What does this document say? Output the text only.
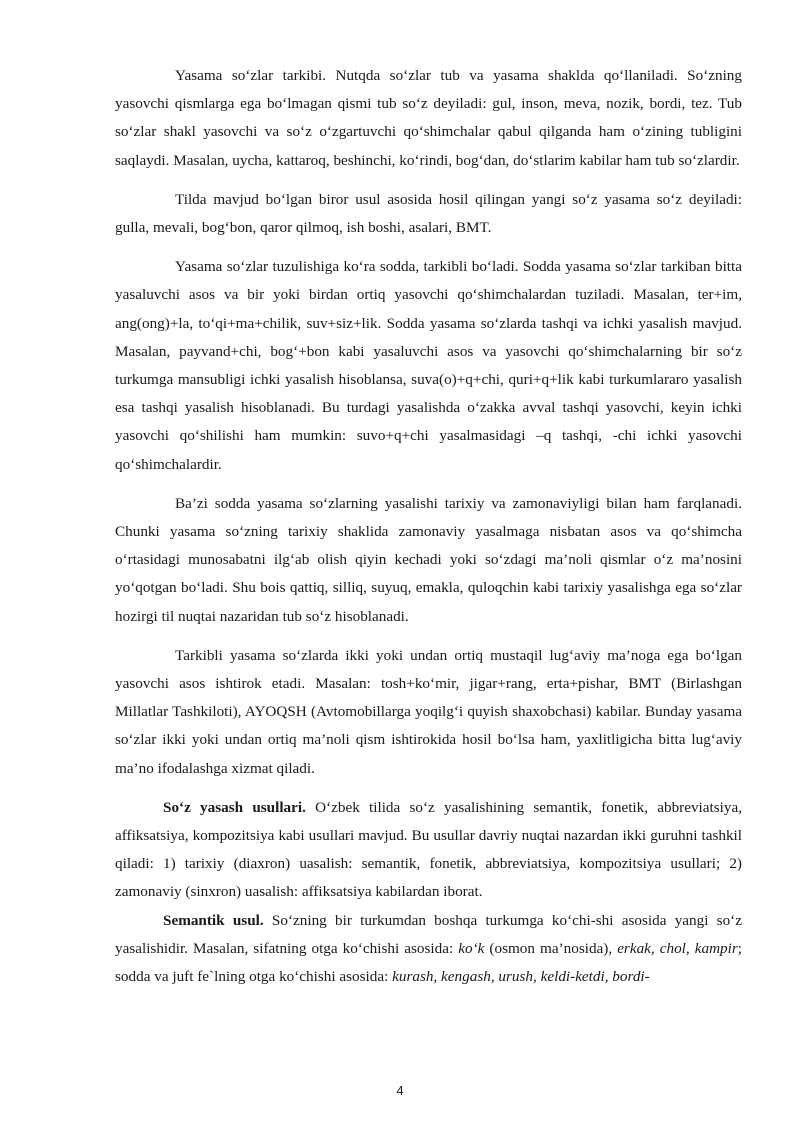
Yasama so‘zlar tarkibi. Nutqda so‘zlar tub va yasama shaklda qo‘llaniladi. So‘zning yasovchi qismlarga ega bo‘lmagan qismi tub so‘z deyiladi: gul, inson, meva, nozik, bordi, tez. Tub so‘zlar shakl yasovchi va so‘z o‘zgartuvchi qo‘shimchalar qabul qilganda ham o‘zining tubligini saqlaydi. Masalan, uycha, kattaroq, beshinchi, ko‘rindi, bog‘dan, do‘stlarim kabilar ham tub so‘zlardir.

Tilda mavjud bo‘lgan biror usul asosida hosil qilingan yangi so‘z yasama so‘z deyiladi: gulla, mevali, bog‘bon, qaror qilmoq, ish boshi, asalari, BMT.

Yasama so‘zlar tuzulishiga ko‘ra sodda, tarkibli bo‘ladi. Sodda yasama so‘zlar tarkiban bitta yasaluvchi asos va bir yoki birdan ortiq yasovchi qo‘shimchalardan tuziladi. Masalan, ter+im, ang(ong)+la, to‘qi+ma+chilik, suv+siz+lik. Sodda yasama so‘zlarda tashqi va ichki yasalish mavjud. Masalan, payvand+chi, bog‘+bon kabi yasaluvchi asos va yasovchi qo‘shimchalarning bir so‘z turkumga mansubligi ichki yasalish hisoblansa, suva(o)+q+chi, quri+q+lik kabi turkumlararo yasalish esa tashqi yasalish hisoblanadi. Bu turdagi yasalishda o‘zakka avval tashqi yasovchi, keyin ichki yasovchi qo‘shilishi ham mumkin: suvo+q+chi yasalmasidagi –q tashqi, -chi ichki yasovchi qo‘shimchalardir.

Ba’zi sodda yasama so‘zlarning yasalishi tarixiy va zamonaviyligi bilan ham farqlanadi. Chunki yasama so‘zning tarixiy shaklida zamonaviy yasalmaga nisbatan asos va qo‘shimcha o‘rtasidagi munosabatni ilg‘ab olish qiyin kechadi yoki so‘zdagi ma’noli qismlar o‘z ma’nosini yo‘qotgan bo‘ladi. Shu bois qattiq, silliq, suyuq, emakla, quloqchin kabi tarixiy yasalishga ega so‘zlar hozirgi til nuqtai nazaridan tub so‘z hisoblanadi.

Tarkibli yasama so‘zlarda ikki yoki undan ortiq mustaqil lug‘aviy ma’noga ega bo‘lgan yasovchi asos ishtirok etadi. Masalan: tosh+ko‘mir, jigar+rang, erta+pishar, BMT (Birlashgan Millatlar Tashkiloti), AYOQSH (Avtomobillarga yoqilg‘i quyish shaxobchasi) kabilar. Bunday yasama so‘zlar ikki yoki undan ortiq ma’noli qism ishtirokida hosil bo‘lsa ham, yaxlitligicha bitta lug‘aviy ma’no ifodalashga xizmat qiladi.

So‘z yasash usullari. O‘zbek tilida so‘z yasalishining semantik, fonetik, abbreviatsiya, affiksatsiya, kompozitsiya kabi usullari mavjud. Bu usullar davriy nuqtai nazardan ikki guruhni tashkil qiladi: 1) tarixiy (diaxron) uasalish: semantik, fonetik, abbreviatsiya, kompozitsiya usullari; 2) zamonaviy (sinxron) uasalish: affiksatsiya kabilardan iborat.

Semantik usul. So‘zning bir turkumdan boshqa turkumga ko‘chi-shi asosida yangi so‘z yasalishidir. Masalan, sifatning otga ko‘chishi asosida: ko‘k (osmon ma’nosida), erkak, chol, kampir; sodda va juft fe`lning otga ko‘chishi asosida: kurash, kengash, urush, keldi-ketdi, bordi-

4
